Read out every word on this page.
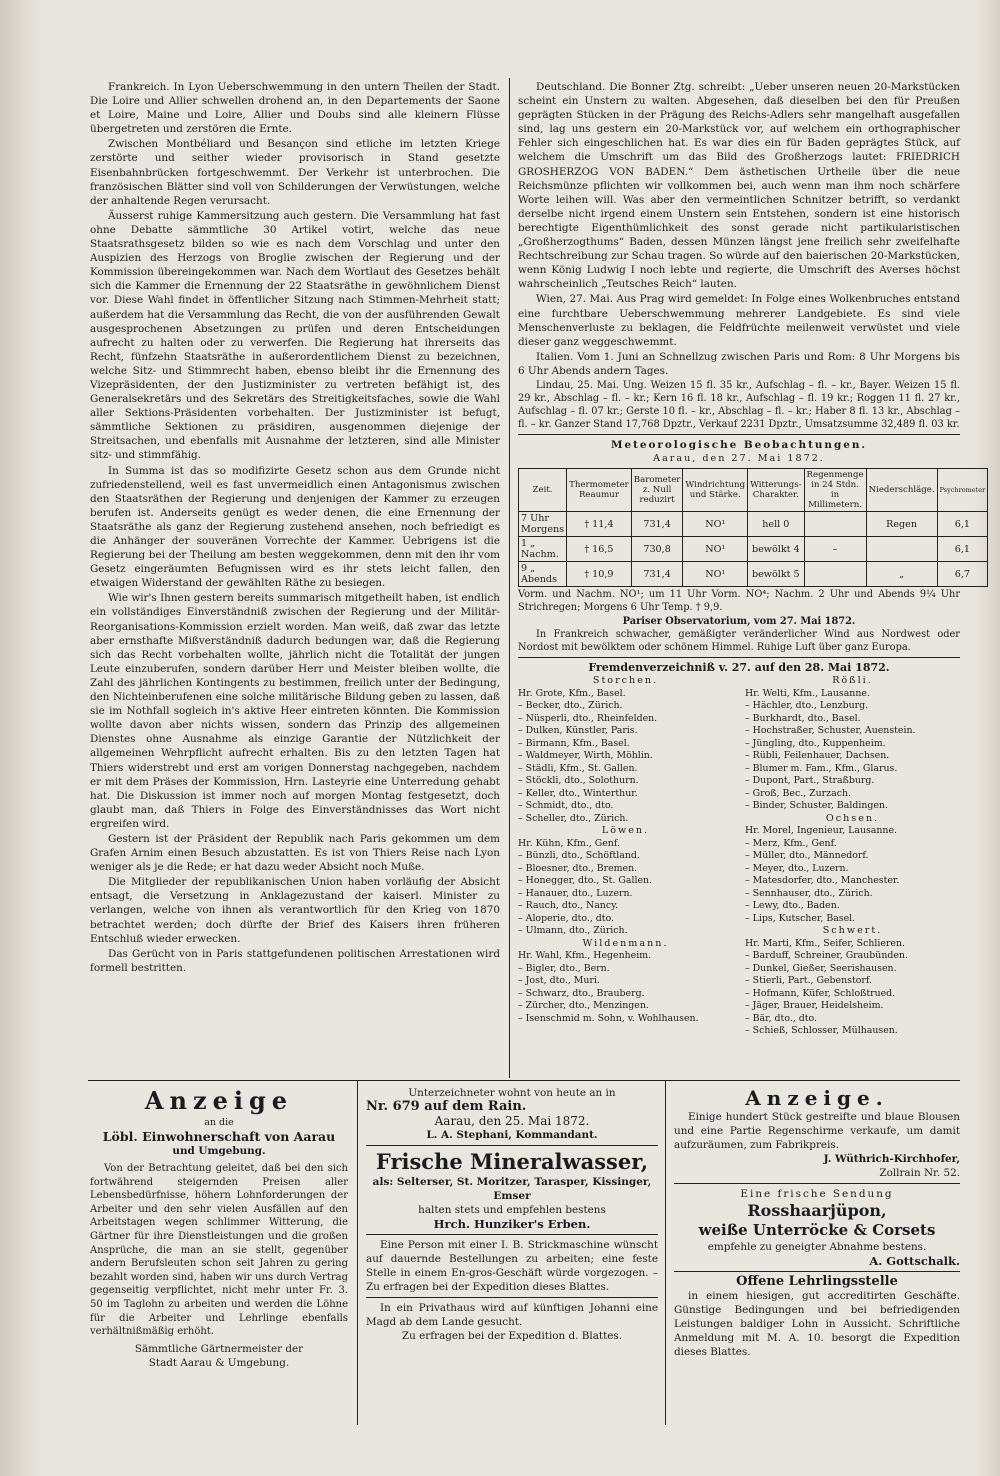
Frankreich. In Lyon Ueberschwemmung in den untern Theilen der Stadt. Die Loire und Allier schwellen drohend an, in den Departements der Saone et Loire, Maine und Loire, Allier und Doubs sind alle kleinern Flüsse übergetreten und zerstören die Ernte.

Zwischen Montbéliard und Besançon sind etliche im letzten Kriege zerstörte und seither wieder provisorisch in Stand gesetzte Eisenbahnbrücken fortgeschwemmt. Der Verkehr ist unterbrochen. Die französischen Blätter sind voll von Schilderungen der Verwüstungen, welche der anhaltende Regen verursacht.

Äusserst ruhige Kammersitzung auch gestern. Die Versammlung hat fast ohne Debatte sämmtliche 30 Artikel votirt, welche das neue Staatsrathsgesetz bilden so wie es nach dem Vorschlag und unter den Auspizien des Herzogs von Broglie zwischen der Regierung und der Kommission übereingekommen war. Nach dem Wortlaut des Gesetzes behält sich die Kammer die Ernennung der 22 Staatsräthe in gewöhnlichem Dienst vor. Diese Wahl findet in öffentlicher Sitzung nach Stimmen-Mehrheit statt; außerdem hat die Versammlung das Recht, die von der ausführenden Gewalt ausgesprochenen Absetzungen zu prüfen und deren Entscheidungen aufrecht zu halten oder zu verwerfen. Die Regierung hat ihrerseits das Recht, fünfzehn Staatsräthe in außerordentlichem Dienst zu bezeichnen, welche Sitz- und Stimmrecht haben, ebenso bleibt ihr die Ernennung des Vizepräsidenten, der den Justizminister zu vertreten befähigt ist, des Generalsekretärs und des Sekretärs des Streitigkeitsfaches, sowie die Wahl aller Sektions-Präsidenten vorbehalten. Der Justizminister ist befugt, sämmtliche Sektionen zu präsidiren, ausgenommen diejenige der Streitsachen, und ebenfalls mit Ausnahme der letzteren, sind alle Minister sitz- und stimmfähig.

In Summa ist das so modifizirte Gesetz schon aus dem Grunde nicht zufriedenstellend, weil es fast unvermeidlich einen Antagonismus zwischen den Staatsräthen der Regierung und denjenigen der Kammer zu erzeugen berufen ist. Anderseits genügt es weder denen, die eine Ernennung der Staatsräthe als ganz der Regierung zustehend ansehen, noch befriedigt es die Anhänger der souveränen Vorrechte der Kammer. Uebrigens ist die Regierung bei der Theilung am besten weggekommen, denn mit den ihr vom Gesetz eingeräumten Befugnissen wird es ihr stets leicht fallen, den etwaigen Widerstand der gewählten Räthe zu besiegen.

Wie wir's Ihnen gestern bereits summarisch mitgetheilt haben, ist endlich ein vollständiges Einverständniß zwischen der Regierung und der Militär-Reorganisations-Kommission erzielt worden. Man weiß, daß zwar das letzte aber ernsthafte Mißverständniß dadurch bedungen war, daß die Regierung sich das Recht vorbehalten wollte, jährlich nicht die Totalität der jungen Leute einzuberufen, sondern darüber Herr und Meister bleiben wollte, die Zahl des jährlichen Kontingents zu bestimmen, freilich unter der Bedingung, den Nichteinberufenen eine solche militärische Bildung geben zu lassen, daß sie im Nothfall sogleich in's aktive Heer eintreten könnten. Die Kommission wollte davon aber nichts wissen, sondern das Prinzip des allgemeinen Dienstes ohne Ausnahme als einzige Garantie der Nützlichkeit der allgemeinen Wehrpflicht aufrecht erhalten. Bis zu den letzten Tagen hat Thiers widerstrebt und erst am vorigen Donnerstag nachgegeben, nachdem er mit dem Präses der Kommission, Hrn. Lasteyrie eine Unterredung gehabt hat. Die Diskussion ist immer noch auf morgen Montag festgesetzt, doch glaubt man, daß Thiers in Folge des Einverständnisses das Wort nicht ergreifen wird.

Gestern ist der Präsident der Republik nach Paris gekommen um dem Grafen Arnim einen Besuch abzustatten. Es ist von Thiers Reise nach Lyon weniger als je die Rede; er hat dazu weder Absicht noch Muße.

Die Mitglieder der republikanischen Union haben vorläufig der Absicht entsagt, die Versetzung in Anklagezustand der kaiserl. Minister zu verlangen, welche von ihnen als verantwortlich für den Krieg von 1870 betrachtet werden; doch dürfte der Brief des Kaisers ihren früheren Entschluß wieder erwecken.

Das Gerücht von in Paris stattgefundenen politischen Arrestationen wird formell bestritten.

Deutschland. Die Bonner Ztg. schreibt: „Ueber unseren neuen 20-Markstücken scheint ein Unstern zu walten. Abgesehen, daß dieselben bei den für Preußen geprägten Stücken in der Prägung des Reichs-Adlers sehr mangelhaft ausgefallen sind, lag uns gestern ein 20-Markstück vor, auf welchem ein orthographischer Fehler sich eingeschlichen hat. Es war dies ein für Baden geprägtes Stück, auf welchem die Umschrift um das Bild des Großherzogs lautet: FRIEDRICH GROSHERZOG VON BADEN.“ Dem ästhetischen Urtheile über die neue Reichsmünze pflichten wir vollkommen bei, auch wenn man ihm noch schärfere Worte leihen will. Was aber den vermeintlichen Schnitzer betrifft, so verdankt derselbe nicht irgend einem Unstern sein Entstehen, sondern ist eine historisch berechtigte Eigenthümlichkeit des sonst gerade nicht partikularistischen „Großherzogthums“ Baden, dessen Münzen längst jene freilich sehr zweifelhafte Rechtschreibung zur Schau tragen. So würde auf den baierischen 20-Markstücken, wenn König Ludwig I noch lebte und regierte, die Umschrift des Averses höchst wahrscheinlich „Teutsches Reich“ lauten.

Wien, 27. Mai. Aus Prag wird gemeldet: In Folge eines Wolkenbruches entstand eine furchtbare Ueberschwemmung mehrerer Landgebiete. Es sind viele Menschenverluste zu beklagen, die Feldfrüchte meilenweit verwüstet und viele dieser ganz weggeschwemmt.

Italien. Vom 1. Juni an Schnellzug zwischen Paris und Rom: 8 Uhr Morgens bis 6 Uhr Abends andern Tages.

Lindau, 25. Mai. Ung. Weizen 15 fl. 35 kr., Aufschlag – fl. – kr., Bayer. Weizen 15 fl. 29 kr., Abschlag – fl. – kr.; Kern 16 fl. 18 kr., Aufschlag – fl. 19 kr.; Roggen 11 fl. 27 kr., Aufschlag – fl. 07 kr.; Gerste 10 fl. – kr., Abschlag – fl. – kr.; Haber 8 fl. 13 kr., Abschlag – fl. – kr. Ganzer Stand 17,768 Dpztr., Verkauf 2231 Dpztr., Umsatzsumme 32,489 fl. 03 kr.

Meteorologische Beobachtungen.
Aarau, den 27. Mai 1872.
Zeit.	Thermometer Reaumur	Barometer z. Null reduzirt	Windrichtung und Stärke.	Witterungs-Charakter.	Regenmenge in 24 Stdn. in Millimetern.	Niederschläge.	Psychrometer
7 Uhr Morgens	† 11,4	731,4	NO¹	hell 0		Regen	6,1
1 „ Nachm.	† 16,5	730,8	NO¹	bewölkt 4	–		6,1
9 „ Abends	† 10,9	731,4	NO¹	bewölkt 5		„	6,7

Vorm. und Nachm. NO¹; um 11 Uhr Vorm. NO⁴; Nachm. 2 Uhr und Abends 9¼ Uhr Strichregen; Morgens 6 Uhr Temp. † 9,9.

Pariser Observatorium, vom 27. Mai 1872.

In Frankreich schwacher, gemäßigter veränderlicher Wind aus Nordwest oder Nordost mit bewölktem oder schönem Himmel. Ruhige Luft über ganz Europa.

Fremdenverzeichniß v. 27. auf den 28. Mai 1872.
Storchen.
Hr. Grote, Kfm., Basel.
– Becker, dto., Zürich.
– Nüsperli, dto., Rheinfelden.
– Dulken, Künstler, Paris.
– Birmann, Kfm., Basel.
– Waldmeyer, Wirth, Möhlin.
– Städli, Kfm., St. Gallen.
– Stöckli, dto., Solothurn.
– Keller, dto., Winterthur.
– Schmidt, dto., dto.
– Scheller, dto., Zürich.
Löwen.
Hr. Kühn, Kfm., Genf.
– Bünzli, dto., Schöftland.
– Bloesner, dto., Bremen.
– Honegger, dto., St. Gallen.
– Hanauer, dto., Luzern.
– Rauch, dto., Nancy.
– Aloperie, dto., dto.
– Ulmann, dto., Zürich.
Wildenmann.
Hr. Wahl, Kfm., Hegenheim.
– Bigler, dto., Bern.
– Jost, dto., Muri.
– Schwarz, dto., Brauberg.
– Zürcher, dto., Menzingen.
– Isenschmid m. Sohn, v. Wohlhausen.
Rößli.
Hr. Welti, Kfm., Lausanne.
– Hächler, dto., Lenzburg.
– Burkhardt, dto., Basel.
– Hochstraßer, Schuster, Auenstein.
– Jüngling, dto., Kuppenheim.
– Rübli, Feilenhauer, Dachsen.
– Blumer m. Fam., Kfm., Glarus.
– Dupont, Part., Straßburg.
– Groß, Bec., Zurzach.
– Binder, Schuster, Baldingen.
Ochsen.
Hr. Morel, Ingenieur, Lausanne.
– Merz, Kfm., Genf.
– Müller, dto., Männedorf.
– Meyer, dto., Luzern.
– Matesdorfer, dto., Manchester.
– Sennhauser, dto., Zürich.
– Lewy, dto., Baden.
– Lips, Kutscher, Basel.
Schwert.
Hr. Marti, Kfm., Seifer, Schlieren.
– Barduff, Schreiner, Graubünden.
– Dunkel, Gießer, Seerishausen.
– Stierli, Part., Gebenstorf.
– Hofmann, Küfer, Schloßtrued.
– Jäger, Brauer, Heidelsheim.
– Bär, dto., dto.
– Schieß, Schlosser, Mülhausen.
Anzeige

an die

Löbl. Einwohnerschaft von Aarau

und Umgebung.

Von der Betrachtung geleitet, daß bei den sich fortwährend steigernden Preisen aller Lebensbedürfnisse, höhern Lohnforderungen der Arbeiter und den sehr vielen Ausfällen auf den Arbeitstagen wegen schlimmer Witterung, die Gärtner für ihre Dienstleistungen und die großen Ansprüche, die man an sie stellt, gegenüber andern Berufsleuten schon seit Jahren zu gering bezahlt worden sind, haben wir uns durch Vertrag gegenseitig verpflichtet, nicht mehr unter Fr. 3. 50 im Taglohn zu arbeiten und werden die Löhne für die Arbeiter und Lehrlinge ebenfalls verhältnißmäßig erhöht.

Sämmtliche Gärtnermeister der

Stadt Aarau & Umgebung.

Unterzeichneter wohnt von heute an in

Nr. 679 auf dem Rain.

Aarau, den 25. Mai 1872.

L. A. Stephani, Kommandant.

Frische Mineralwasser,

als: Selterser, St. Moritzer, Tarasper, Kissinger, Emser

halten stets und empfehlen bestens

Hrch. Hunziker's Erben.

Eine Person mit einer I. B. Strickmaschine wünscht auf dauernde Bestellungen zu arbeiten; eine feste Stelle in einem En-gros-Geschäft würde vorgezogen. – Zu erfragen bei der Expedition dieses Blattes.

In ein Privathaus wird auf künftigen Johanni eine Magd ab dem Lande gesucht.

Zu erfragen bei der Expedition d. Blattes.

Anzeige.

Einige hundert Stück gestreifte und blaue Blousen und eine Partie Regenschirme verkaufe, um damit aufzuräumen, zum Fabrikpreis.

J. Wüthrich-Kirchhofer,

Zollrain Nr. 52.

Eine frische Sendung

Rosshaarjüpon,

weiße Unterröcke & Corsets

empfehle zu geneigter Abnahme bestens.

A. Gottschalk.

Offene Lehrlingsstelle

in einem hiesigen, gut accreditirten Geschäfte. Günstige Bedingungen und bei befriedigenden Leistungen baldiger Lohn in Aussicht. Schriftliche Anmeldung mit M. A. 10. besorgt die Expedition dieses Blattes.
